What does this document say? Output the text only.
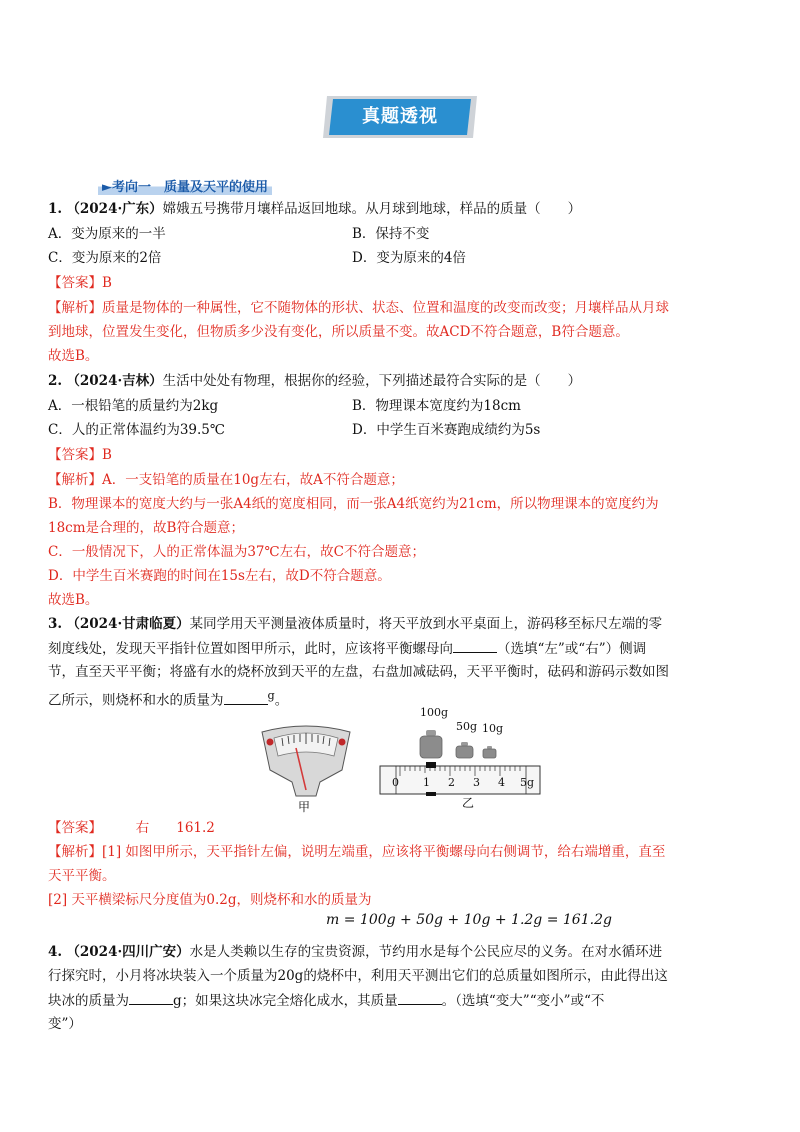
真题透视
►考向一　质量及天平的使用
1. （2024·广东）嫦娥五号携带月壤样品返回地球。从月球到地球，样品的质量（　　）
A．变为原来的一半	B．保持不变
C．变为原来的2倍	D．变为原来的4倍
【答案】B
【解析】质量是物体的一种属性，它不随物体的形状、状态、位置和温度的改变而改变；月壤样品从月球
到地球，位置发生变化，但物质多少没有变化，所以质量不变。故ACD不符合题意，B符合题意。
故选B。
2. （2024·吉林）生活中处处有物理，根据你的经验，下列描述最符合实际的是（　　）
A．一根铅笔的质量约为2kg	B．物理课本宽度约为18cm
C．人的正常体温约为39.5℃	D．中学生百米赛跑成绩约为5s
【答案】B
【解析】A．一支铅笔的质量在10g左右，故A不符合题意；
B．物理课本的宽度大约与一张A4纸的宽度相同，而一张A4纸宽约为21cm，所以物理课本的宽度约为
18cm是合理的，故B符合题意；
C．一般情况下，人的正常体温为37℃左右，故C不符合题意；
D．中学生百米赛跑的时间在15s左右，故D不符合题意。
故选B。
3. （2024·甘肃临夏）某同学用天平测量液体质量时，将天平放到水平桌面上，游码移至标尺左端的零
刻度线处，发现天平指针位置如图甲所示，此时，应该将平衡螺母向	（选填“左”或“右”）侧调
节，直至天平平衡；将盛有水的烧杯放到天平的左盘，右盘加减砝码，天平平衡时，砝码和游码示数如图
乙所示，则烧杯和水的质量为	$^g$。
甲
100g
50g 10g
0 1 2 3 4 5g
乙
【答案】　　　	右　　161.2
【解析】[1] 如图甲所示，天平指针左偏，说明左端重，应该将平衡螺母向右侧调节，给右端增重，直至
天平平衡。
[2] 天平横梁标尺分度值为0.2g，则烧杯和水的质量为
m = 100g + 50g + 10g + 1.2g = 161.2g
4. （2024·四川广安）水是人类赖以生存的宝贵资源，节约用水是每个公民应尽的义务。在对水循环进
行探究时，小月将冰块装入一个质量为20g的烧杯中，利用天平测出它们的总质量如图所示，由此得出这
块冰的质量为	g；如果这块冰完全熔化成水，其质量	。（选填“变大”“变小”或“不
变”）
